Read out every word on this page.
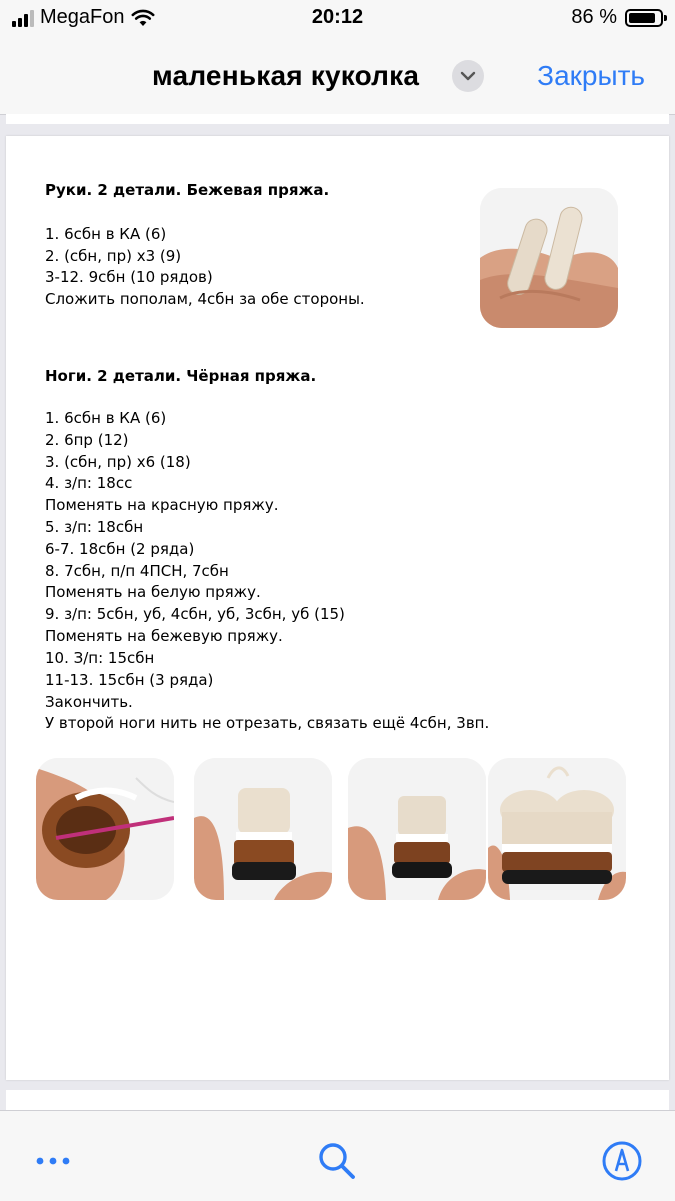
MegaFon	20:12	86 %
маленькая куколка	Закрыть
Руки. 2 детали. Бежевая пряжа.
1. 6сбн в КА (6)
2. (сбн, пр) х3 (9)
3-12. 9сбн (10 рядов)
Сложить пополам, 4сбн за обе стороны.
Ноги. 2 детали. Чёрная пряжа.
1. 6сбн в КА (6)
2. 6пр (12)
3. (сбн, пр) х6 (18)
4. з/п: 18сс
Поменять на красную пряжу.
5. з/п: 18сбн
6-7. 18сбн (2 ряда)
8. 7сбн, п/п 4ПСН, 7сбн
Поменять на белую пряжу.
9. з/п: 5сбн, уб, 4сбн, уб, 3сбн, уб (15)
Поменять на бежевую пряжу.
10. З/п: 15сбн
11-13. 15сбн (3 ряда)
Закончить.
У второй ноги нить не отрезать, связать ещё 4сбн, 3вп.
